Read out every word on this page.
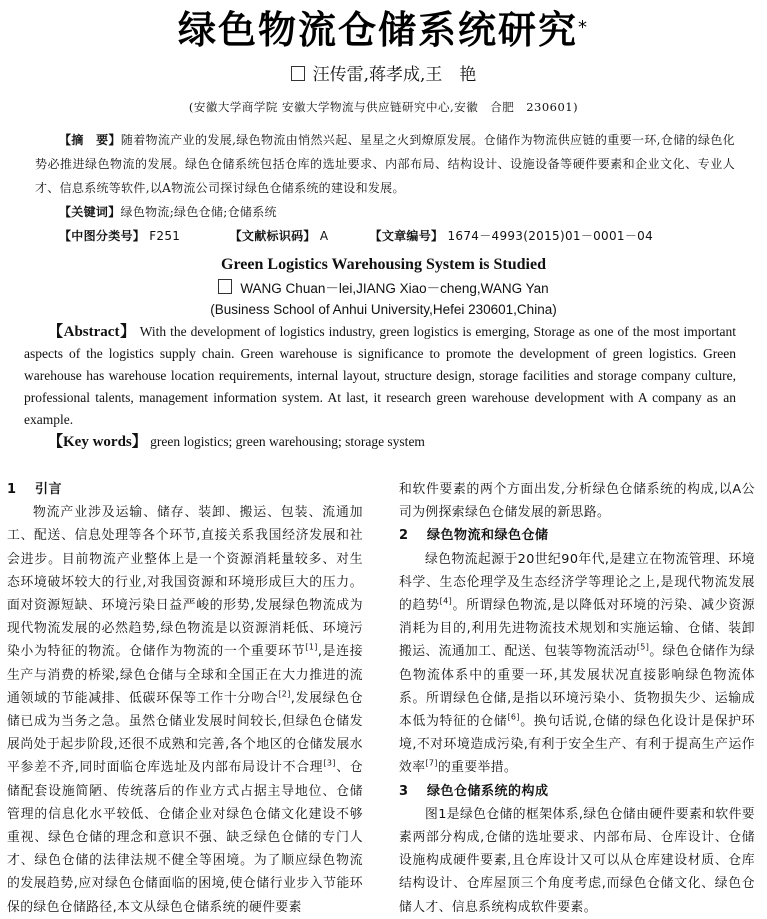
绿色物流仓储系统研究*
汪传雷,蒋孝成,王　艳
(安徽大学商学院 安徽大学物流与供应链研究中心,安徽　合肥　230601)

【摘　要】随着物流产业的发展,绿色物流由悄然兴起、星星之火到燎原发展。仓储作为物流供应链的重要一环,仓储的绿色化势必推进绿色物流的发展。绿色仓储系统包括仓库的选址要求、内部布局、结构设计、设施设备等硬件要素和企业文化、专业人才、信息系统等软件,以A物流公司探讨绿色仓储系统的建设和发展。

【关键词】绿色物流;绿色仓储;仓储系统

【中图分类号】 F251	【文献标识码】 A	【文章编号】 1674－4993(2015)01－0001－04

Green Logistics Warehousing System is Studied
WANG Chuan－lei,JIANG Xiao－cheng,WANG Yan
(Business School of Anhui University,Hefei 230601,China)

【Abstract】 With the development of logistics industry, green logistics is emerging, Storage as one of the most important aspects of the logistics supply chain. Green warehouse is significance to promote the development of green logistics. Green warehouse has warehouse location requirements, internal layout, structure design, storage facilities and storage company culture, professional talents, management information system. At last, it research green warehouse development with A company as an example.

【Key words】 green logistics; green warehousing; storage system

1 引言

物流产业涉及运输、储存、装卸、搬运、包装、流通加工、配送、信息处理等各个环节,直接关系我国经济发展和社会进步。目前物流产业整体上是一个资源消耗量较多、对生态环境破坏较大的行业,对我国资源和环境形成巨大的压力。面对资源短缺、环境污染日益严峻的形势,发展绿色物流成为现代物流发展的必然趋势,绿色物流是以资源消耗低、环境污染小为特征的物流。仓储作为物流的一个重要环节[1],是连接生产与消费的桥梁,绿色仓储与全球和全国正在大力推进的流通领域的节能减排、低碳环保等工作十分吻合[2],发展绿色仓储已成为当务之急。虽然仓储业发展时间较长,但绿色仓储发展尚处于起步阶段,还很不成熟和完善,各个地区的仓储发展水平参差不齐,同时面临仓库选址及内部布局设计不合理[3]、仓储配套设施简陋、传统落后的作业方式占据主导地位、仓储管理的信息化水平较低、仓储企业对绿色仓储文化建设不够重视、绿色仓储的理念和意识不强、缺乏绿色仓储的专门人才、绿色仓储的法律法规不健全等困境。为了顺应绿色物流的发展趋势,应对绿色仓储面临的困境,使仓储行业步入节能环保的绿色仓储路径,本文从绿色仓储系统的硬件要素

和软件要素的两个方面出发,分析绿色仓储系统的构成,以A公司为例探索绿色仓储发展的新思路。

2 绿色物流和绿色仓储

绿色物流起源于20世纪90年代,是建立在物流管理、环境科学、生态伦理学及生态经济学等理论之上,是现代物流发展的趋势[4]。所谓绿色物流,是以降低对环境的污染、减少资源消耗为目的,利用先进物流技术规划和实施运输、仓储、装卸搬运、流通加工、配送、包装等物流活动[5]。绿色仓储作为绿色物流体系中的重要一环,其发展状况直接影响绿色物流体系。所谓绿色仓储,是指以环境污染小、货物损失少、运输成本低为特征的仓储[6]。换句话说,仓储的绿色化设计是保护环境,不对环境造成污染,有利于安全生产、有利于提高生产运作效率[7]的重要举措。

3 绿色仓储系统的构成

图1是绿色仓储的框架体系,绿色仓储由硬件要素和软件要素两部分构成,仓储的选址要求、内部布局、仓库设计、仓储设施构成硬件要素,且仓库设计又可以从仓库建设材质、仓库结构设计、仓库屋顶三个角度考虑,而绿色仓储文化、绿色仓储人才、信息系统构成软件要素。
